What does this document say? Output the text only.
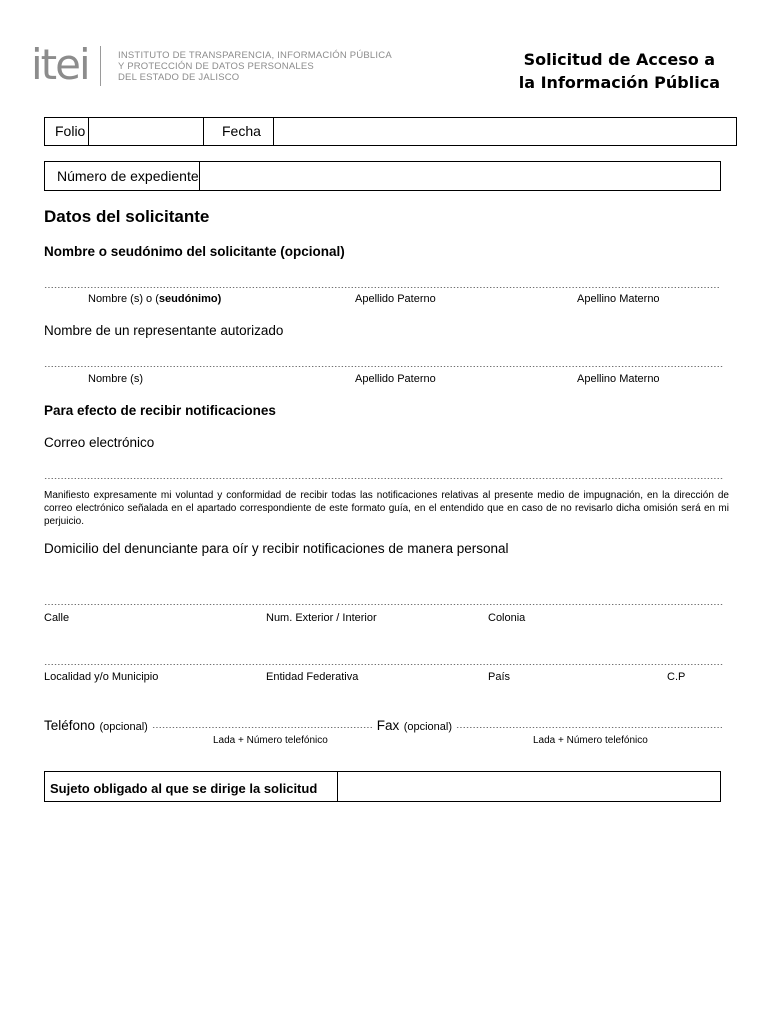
itei	INSTITUTO DE TRANSPARENCIA, INFORMACIÓN PÚBLICA
Y PROTECCIÓN DE DATOS PERSONALES
DEL ESTADO DE JALISCO
Solicitud de Acceso a
la Información Pública
Folio	Fecha
Número de expediente
Datos del solicitante
Nombre o seudónimo del solicitante (opcional)
Nombre (s) o (seudónimo)	Apellido Paterno	Apellino Materno
Nombre de un representante autorizado
Nombre (s)	Apellido Paterno	Apellino Materno
Para efecto de recibir notificaciones
Correo electrónico
Manifiesto expresamente mi voluntad y conformidad de recibir todas las notificaciones relativas al presente medio de impugnación, en la dirección de correo electrónico señalada en el apartado correspondiente de este formato guía, en el entendido que en caso de no revisarlo dicha omisión será en mi perjuicio.
Domicilio del denunciante para oír y recibir notificaciones de manera personal
Calle	Num. Exterior / Interior	Colonia
Localidad y/o Municipio	Entidad Federativa	País	C.P
Teléfono (opcional)	Fax (opcional)
Lada + Número telefónico	Lada + Número telefónico
Sujeto obligado al que se dirige la solicitud
